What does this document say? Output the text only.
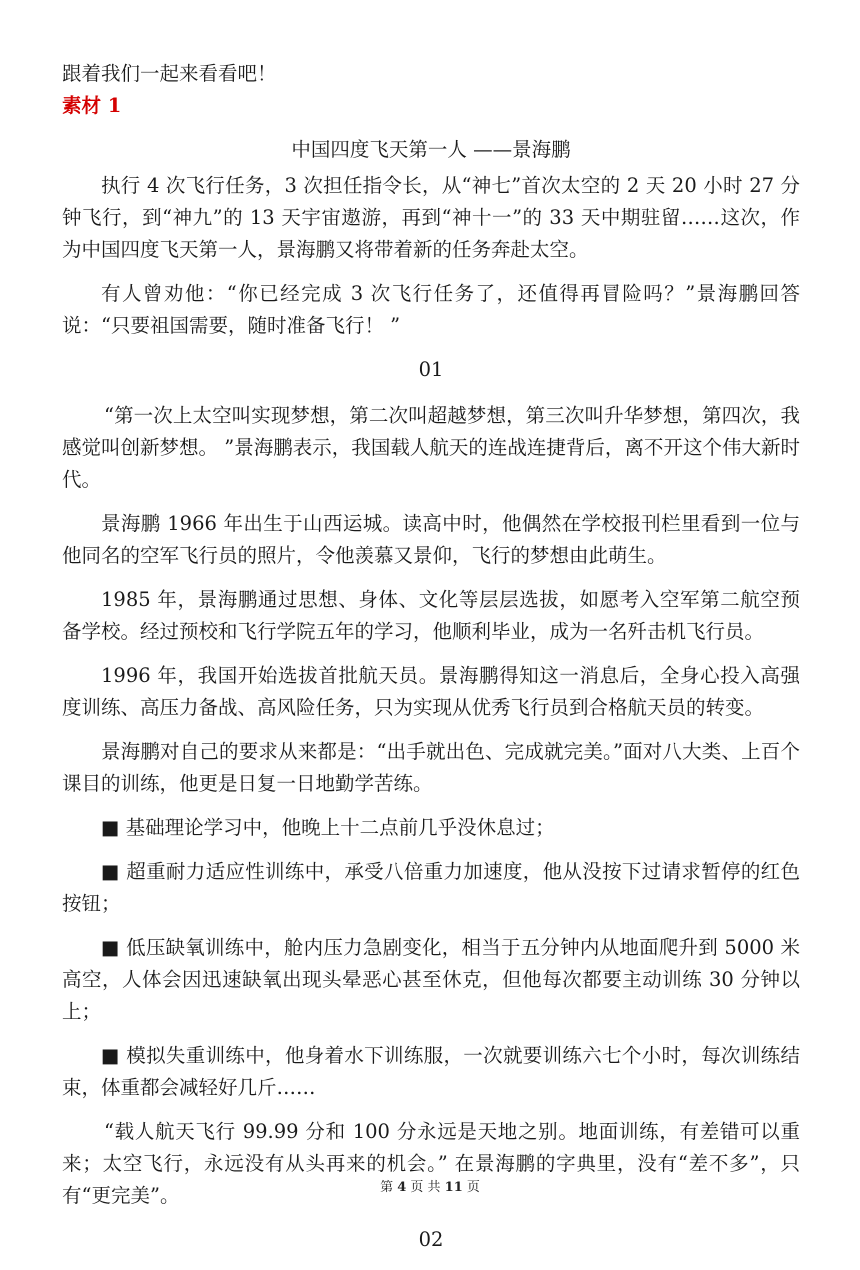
跟着我们一起来看看吧！

素材 1

中国四度飞天第一人 ——景海鹏

执行 4 次飞行任务，3 次担任指令长，从“神七”首次太空的 2 天 20 小时 27 分钟飞行，到“神九”的 13 天宇宙遨游，再到“神十一”的 33 天中期驻留……这次，作为中国四度飞天第一人，景海鹏又将带着新的任务奔赴太空。

有人曾劝他：“你已经完成 3 次飞行任务了，还值得再冒险吗？”景海鹏回答说：“只要祖国需要，随时准备飞行！ ”

01

“第一次上太空叫实现梦想，第二次叫超越梦想，第三次叫升华梦想，第四次，我感觉叫创新梦想。 ”景海鹏表示，我国载人航天的连战连捷背后，离不开这个伟大新时代。

景海鹏 1966 年出生于山西运城。读高中时，他偶然在学校报刊栏里看到一位与他同名的空军飞行员的照片，令他羡慕又景仰，飞行的梦想由此萌生。

1985 年，景海鹏通过思想、身体、文化等层层选拔，如愿考入空军第二航空预备学校。经过预校和飞行学院五年的学习，他顺利毕业，成为一名歼击机飞行员。

1996 年，我国开始选拔首批航天员。景海鹏得知这一消息后，全身心投入高强度训练、高压力备战、高风险任务，只为实现从优秀飞行员到合格航天员的转变。

景海鹏对自己的要求从来都是：“出手就出色、完成就完美。”面对八大类、上百个课目的训练，他更是日复一日地勤学苦练。

■ 基础理论学习中，他晚上十二点前几乎没休息过；

■ 超重耐力适应性训练中，承受八倍重力加速度，他从没按下过请求暂停的红色按钮；

■ 低压缺氧训练中，舱内压力急剧变化，相当于五分钟内从地面爬升到 5000 米高空，人体会因迅速缺氧出现头晕恶心甚至休克，但他每次都要主动训练 30 分钟以上；

■ 模拟失重训练中，他身着水下训练服，一次就要训练六七个小时，每次训练结束，体重都会减轻好几斤……

“载人航天飞行 99.99 分和 100 分永远是天地之别。地面训练，有差错可以重来；太空飞行，永远没有从头再来的机会。” 在景海鹏的字典里，没有“差不多”，只有“更完美”。

02

第 4 页 共 11 页
